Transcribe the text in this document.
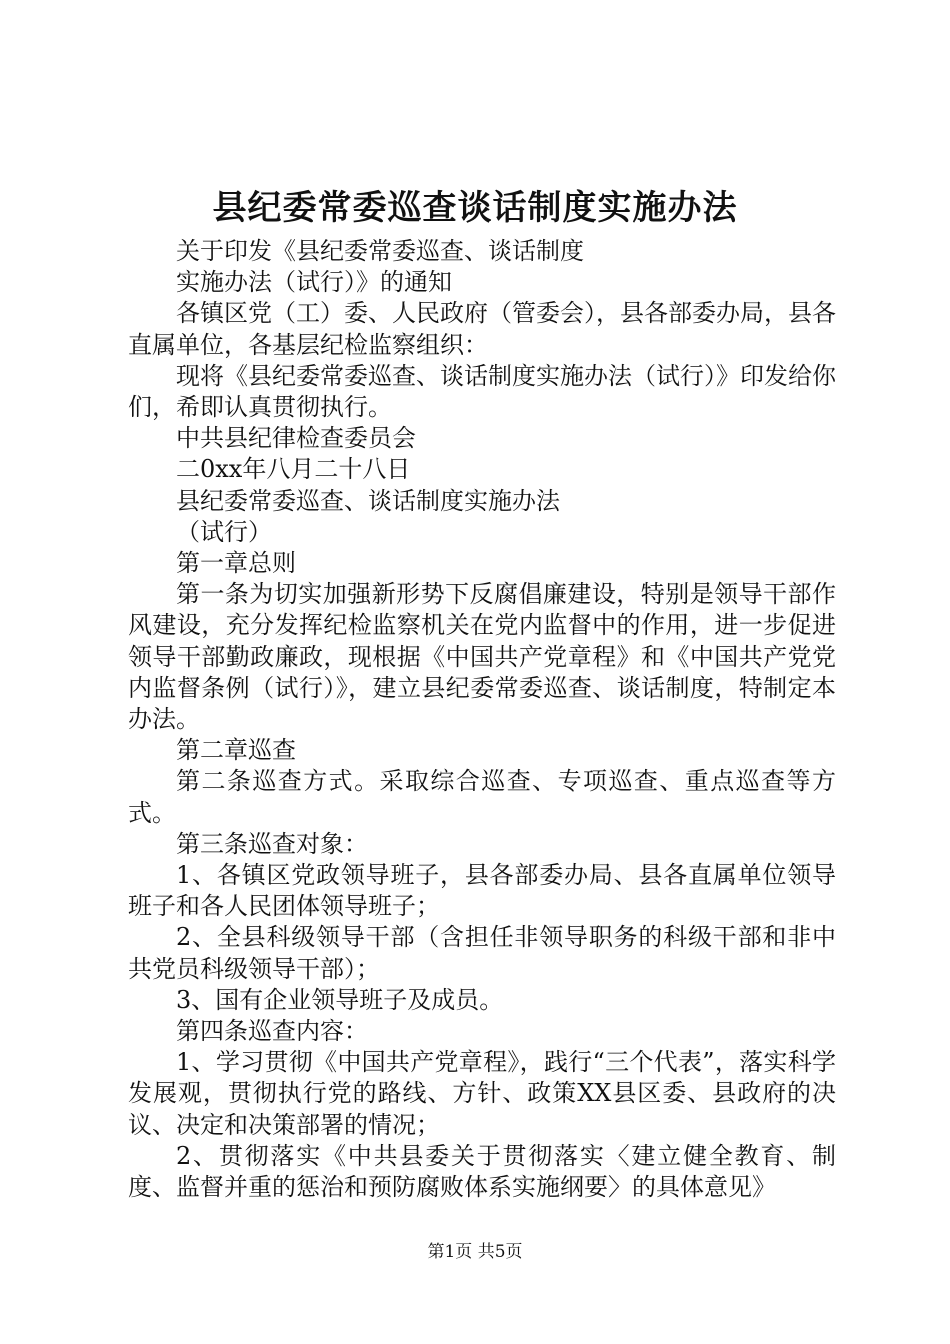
县纪委常委巡查谈话制度实施办法

关于印发《县纪委常委巡查、谈话制度

实施办法（试行）》的通知

各镇区党（工）委、人民政府（管委会），县各部委办局，县各直属单位，各基层纪检监察组织：

现将《县纪委常委巡查、谈话制度实施办法（试行）》印发给你们，希即认真贯彻执行。

中共县纪律检查委员会

二0xx年八月二十八日

县纪委常委巡查、谈话制度实施办法

（试行）

第一章总则

第一条为切实加强新形势下反腐倡廉建设，特别是领导干部作风建设，充分发挥纪检监察机关在党内监督中的作用，进一步促进领导干部勤政廉政，现根据《中国共产党章程》和《中国共产党党内监督条例（试行）》，建立县纪委常委巡查、谈话制度，特制定本办法。

第二章巡查

第二条巡查方式。采取综合巡查、专项巡查、重点巡查等方式。

第三条巡查对象：

1、各镇区党政领导班子，县各部委办局、县各直属单位领导班子和各人民团体领导班子；

2、全县科级领导干部（含担任非领导职务的科级干部和非中共党员科级领导干部）；

3、国有企业领导班子及成员。

第四条巡查内容：

1、学习贯彻《中国共产党章程》，践行“三个代表”，落实科学发展观，贯彻执行党的路线、方针、政策XX县区委、县政府的决议、决定和决策部署的情况；

2、贯彻落实《中共县委关于贯彻落实〈建立健全教育、制度、监督并重的惩治和预防腐败体系实施纲要〉的具体意见》

第1页 共5页
